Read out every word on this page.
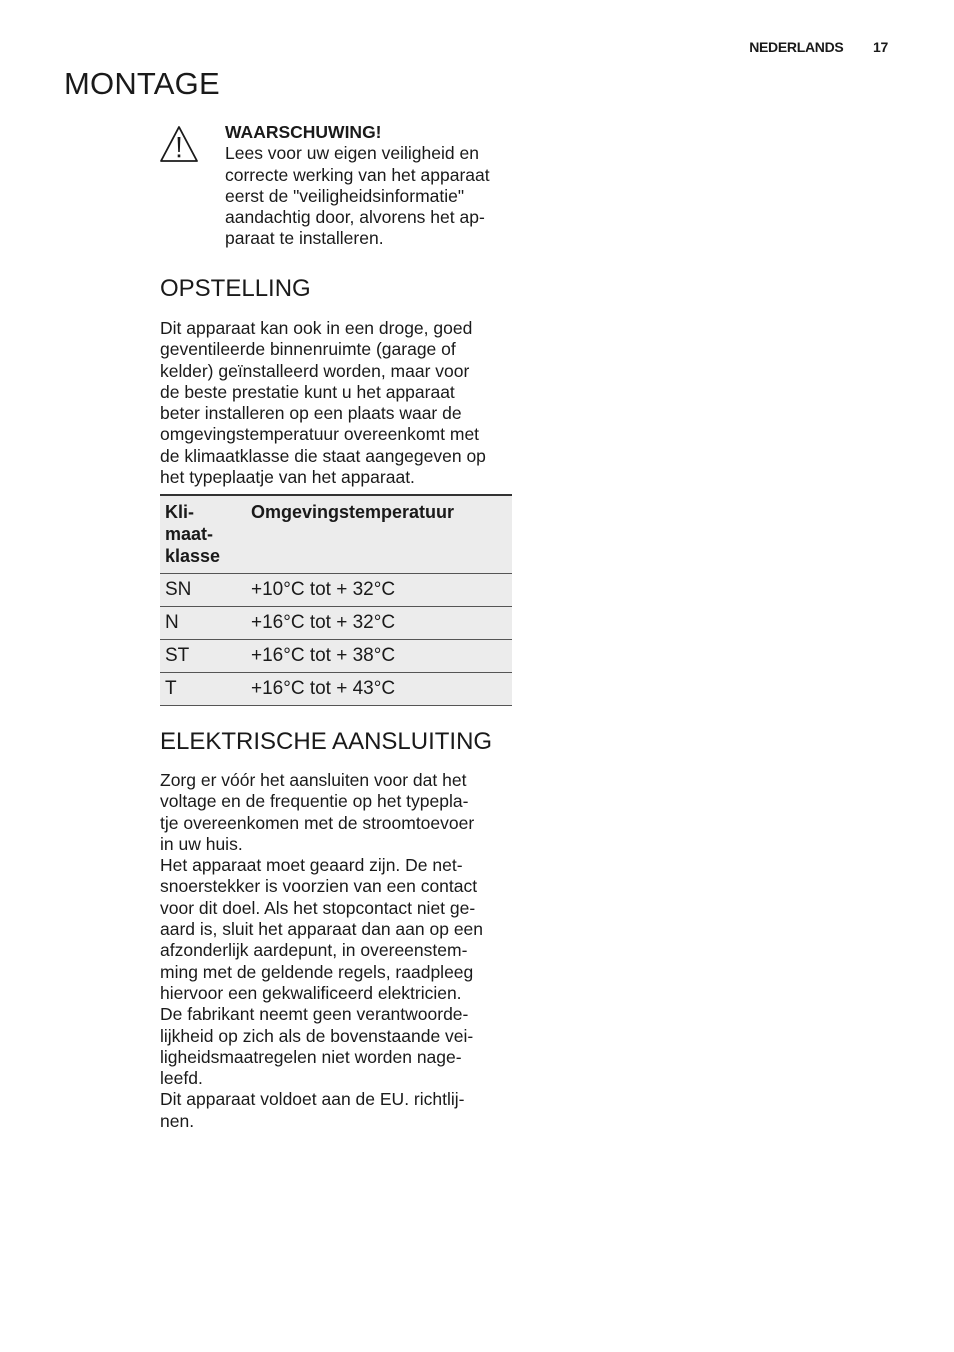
NEDERLANDS 17
MONTAGE
WAARSCHUWING!
Lees voor uw eigen veiligheid en
correcte werking van het apparaat
eerst de "veiligheidsinformatie"
aandachtig door, alvorens het ap-
paraat te installeren.
OPSTELLING
Dit apparaat kan ook in een droge, goed
geventileerde binnenruimte (garage of
kelder) geïnstalleerd worden, maar voor
de beste prestatie kunt u het apparaat
beter installeren op een plaats waar de
omgevingstemperatuur overeenkomt met
de klimaatklasse die staat aangegeven op
het typeplaatje van het apparaat.
Kli-
maat-
klasse	Omgevingstemperatuur
SN	+10°C tot + 32°C
N	+16°C tot + 32°C
ST	+16°C tot + 38°C
T	+16°C tot + 43°C
ELEKTRISCHE AANSLUITING
Zorg er vóór het aansluiten voor dat het
voltage en de frequentie op het typepla-
tje overeenkomen met de stroomtoevoer
in uw huis.
Het apparaat moet geaard zijn. De net-
snoerstekker is voorzien van een contact
voor dit doel. Als het stopcontact niet ge-
aard is, sluit het apparaat dan aan op een
afzonderlijk aardepunt, in overeenstem-
ming met de geldende regels, raadpleeg
hiervoor een gekwalificeerd elektricien.
De fabrikant neemt geen verantwoorde-
lijkheid op zich als de bovenstaande vei-
ligheidsmaatregelen niet worden nage-
leefd.
Dit apparaat voldoet aan de EU. richtlij-
nen.
